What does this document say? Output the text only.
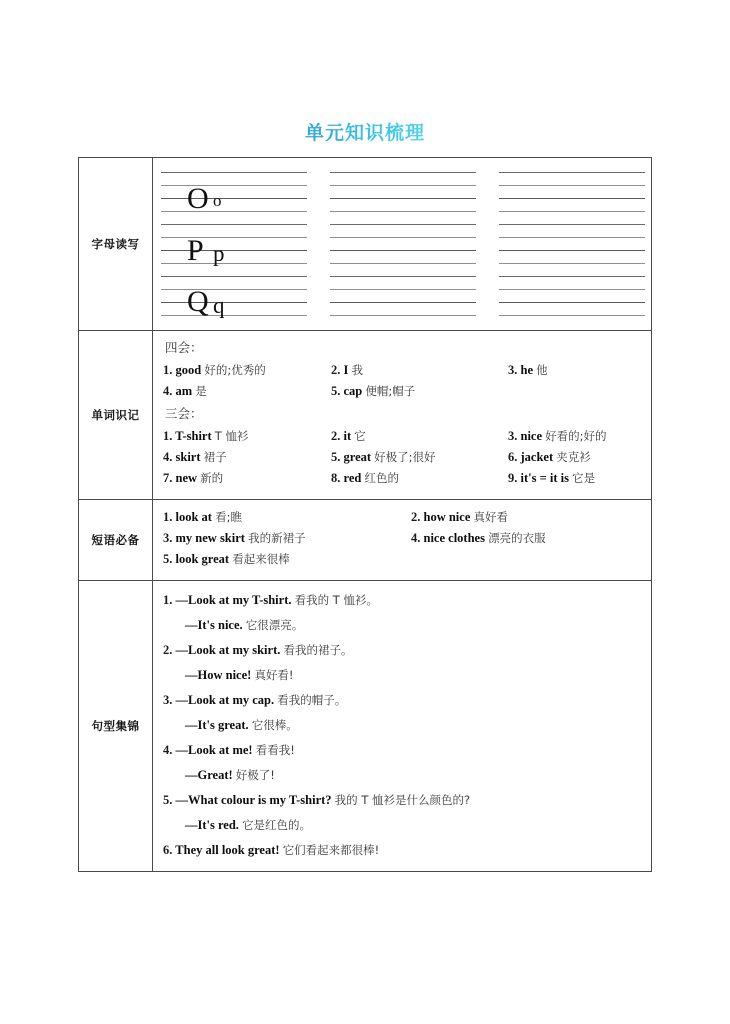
单元知识梳理
字母读写
O o
P p
Q q
单词识记
四会：
1. good 好的;优秀的	2. I 我	3. he 他
4. am 是	5. cap 便帽;帽子
三会：
1. T-shirt T 恤衫	2. it 它	3. nice 好看的;好的
4. skirt 裙子	5. great 好极了;很好	6. jacket 夹克衫
7. new 新的	8. red 红色的	9. it's = it is 它是
短语必备
1. look at 看;瞧	2. how nice 真好看
3. my new skirt 我的新裙子	4. nice clothes 漂亮的衣服
5. look great 看起来很棒
句型集锦
1. —Look at my T-shirt. 看我的 T 恤衫。
—It's nice. 它很漂亮。
2. —Look at my skirt. 看我的裙子。
—How nice! 真好看!
3. —Look at my cap. 看我的帽子。
—It's great. 它很棒。
4. —Look at me! 看看我!
—Great! 好极了!
5. —What colour is my T-shirt? 我的 T 恤衫是什么颜色的?
—It's red. 它是红色的。
6. They all look great! 它们看起来都很棒!
